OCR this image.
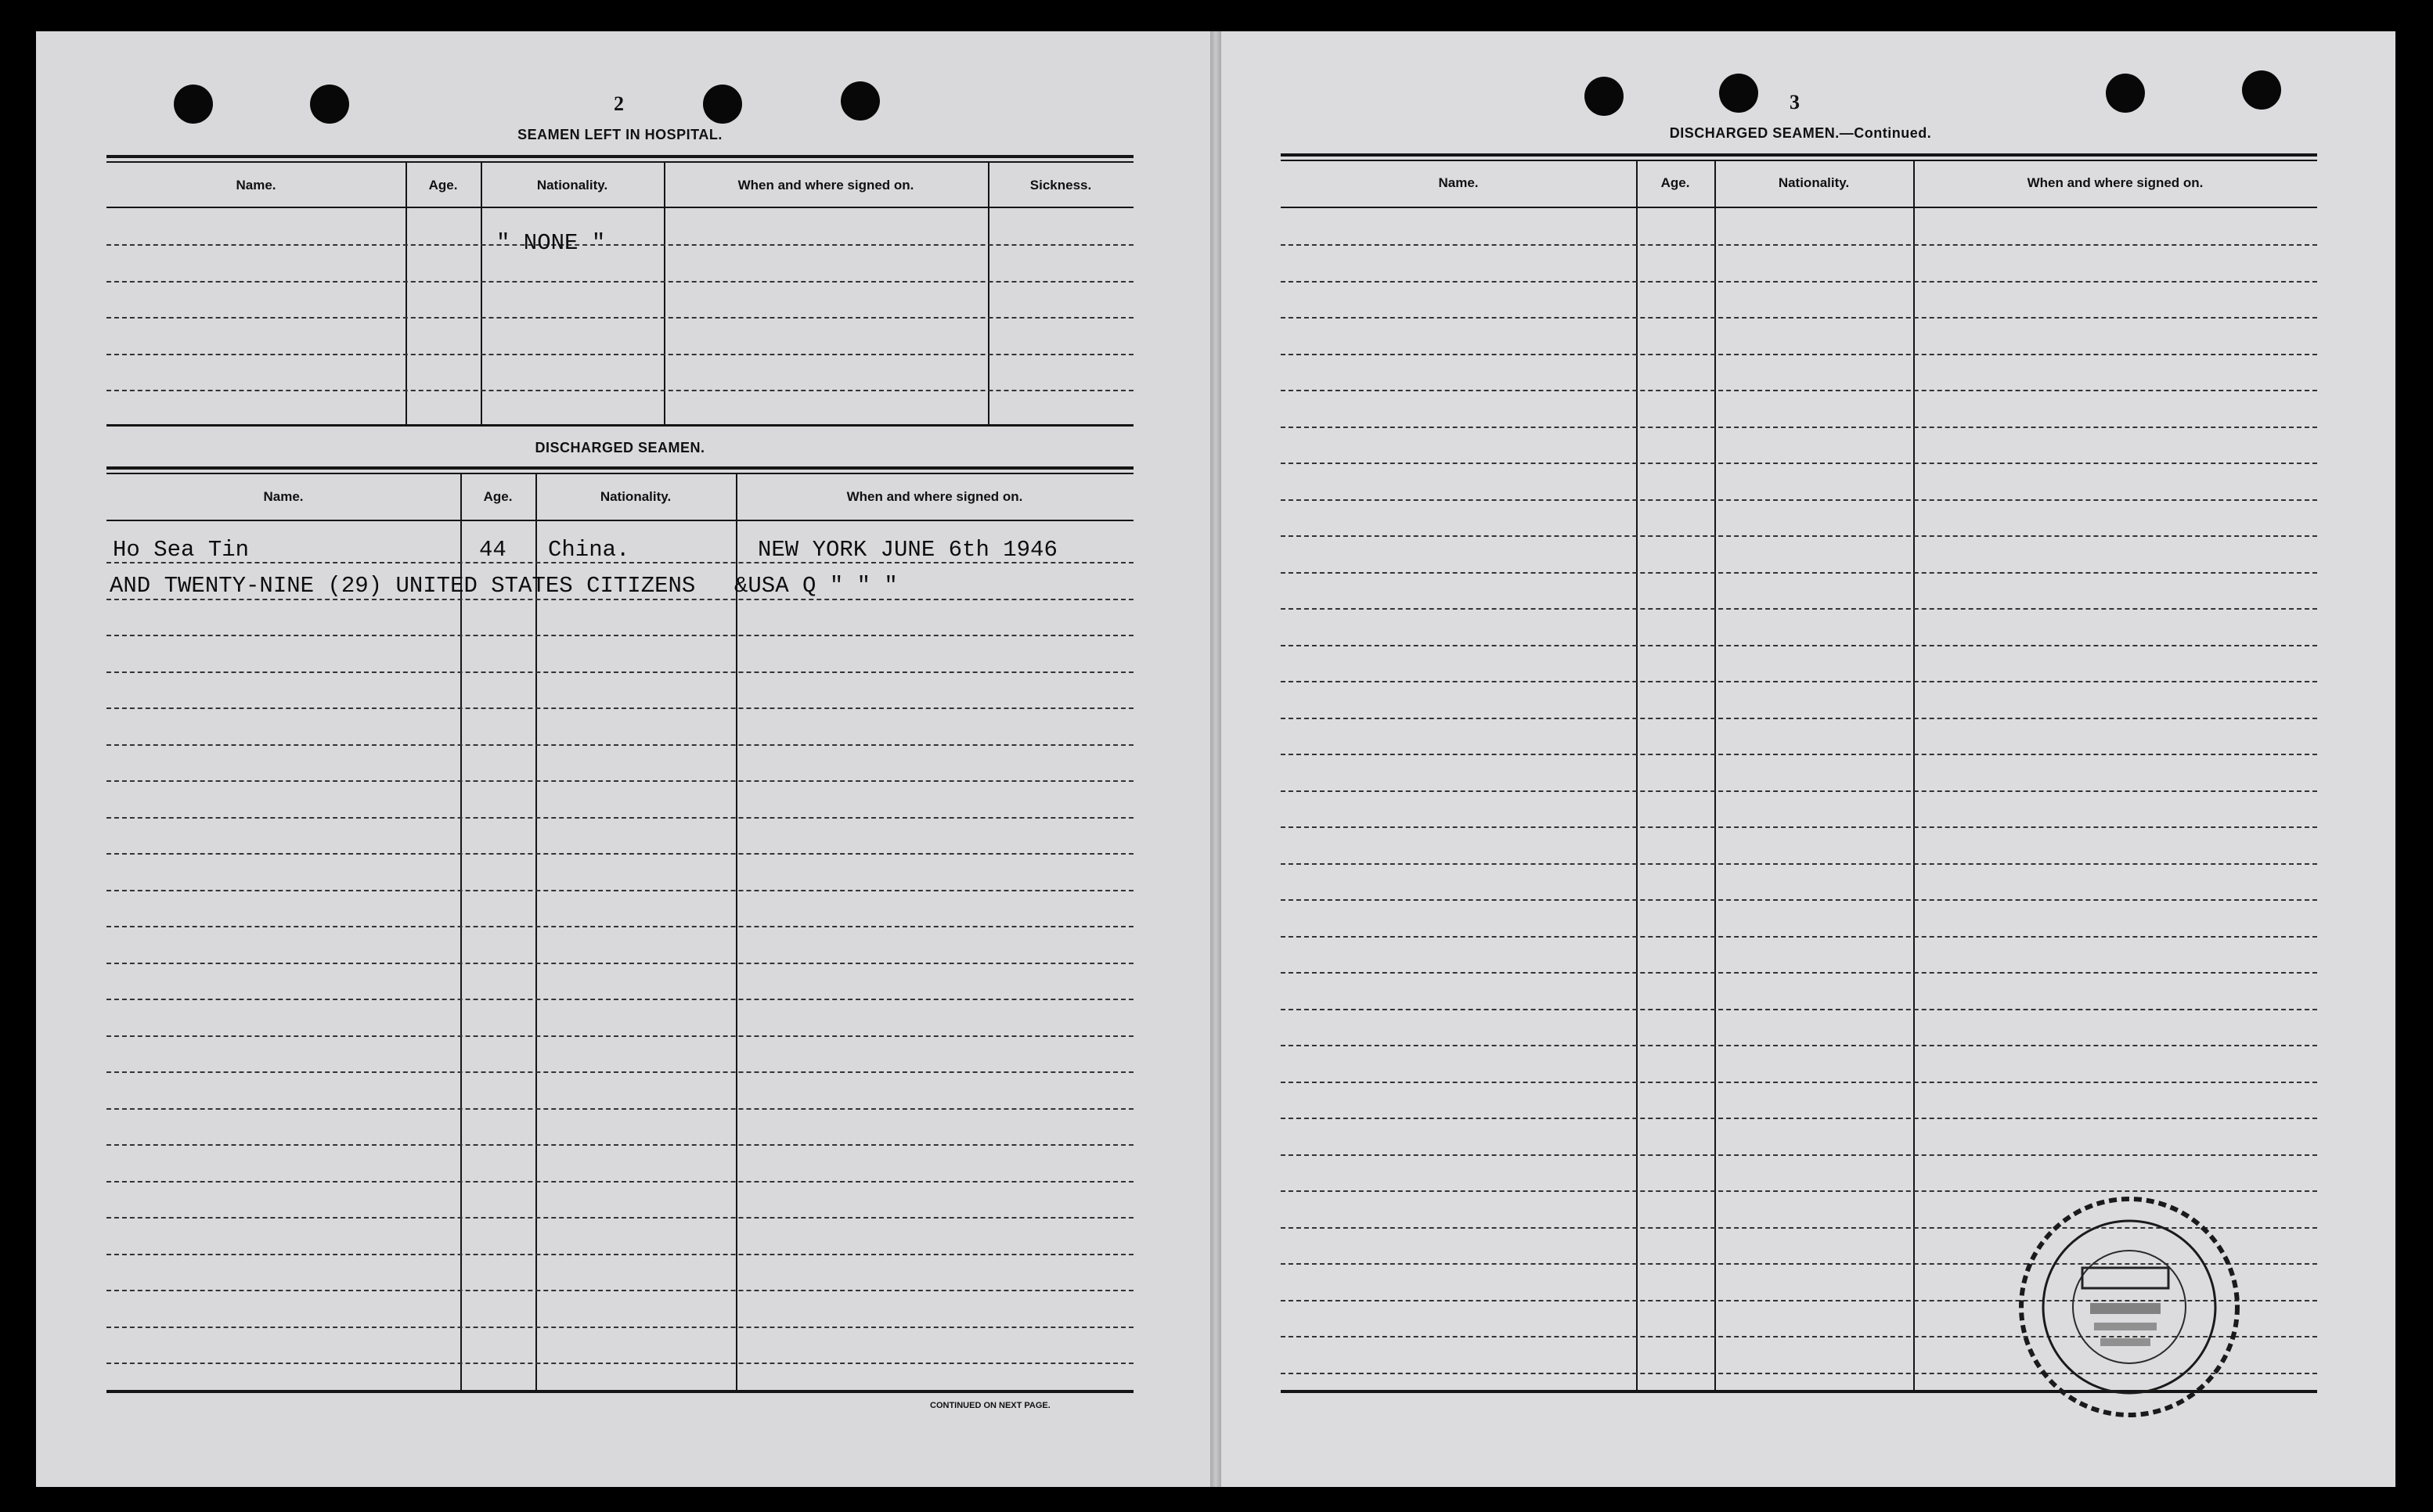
2
SEAMEN LEFT IN HOSPITAL.
Name.	Age.	Nationality.	When and where signed on.	Sickness.
" NONE "
DISCHARGED SEAMEN.
Name.	Age.	Nationality.	When and where signed on.
Ho Sea Tin	44 China.	NEW YORK JUNE 6th 1946
AND TWENTY-NINE (29) UNITED STATES CITIZENS &USA Q " " "
CONTINUED ON NEXT PAGE.
3
DISCHARGED SEAMEN.—Continued.
Name.	Age.	Nationality.	When and where signed on.
